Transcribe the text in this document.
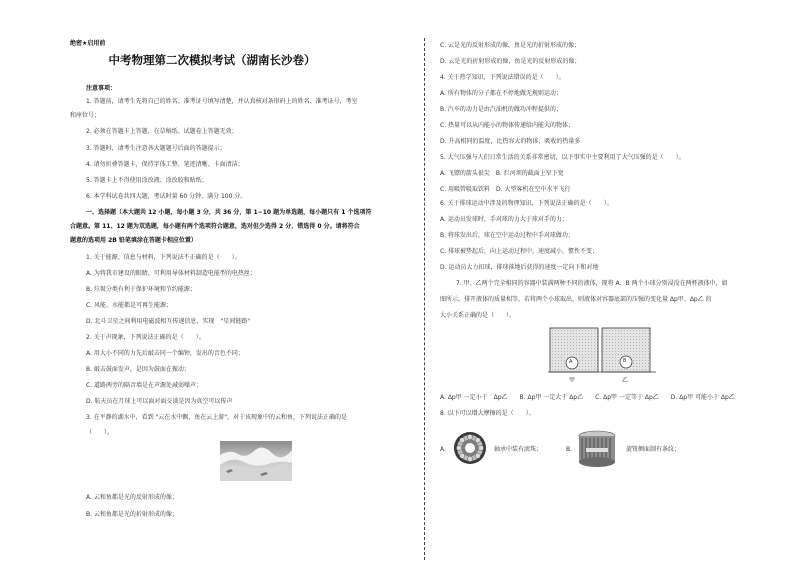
绝密★启用前
中考物理第二次模拟考试（湖南长沙卷）
注意事项：
1. 答题前，请考生先将自己的姓名、准考证号填写清楚，并认真核对条形码上的姓名、准考证号，考室
和座位号；
2. 必须在答题卡上答题，在草稿纸、试题卷上答题无效；
3. 答题时，请考生注意各大题题号后面的答题提示；
4. 请勿折叠答题卡，保持字体工整、笔迹清晰、卡面清洁；
5. 答题卡上不得使用涂改液、涂改胶和贴纸；
6. 本学科试卷共四大题，考试时量 60 分钟，满分 100 分。
一、选择题（本大题共 12 小题，每小题 3 分，共 36 分，第 1~10 题为单选题，每小题只有 1 个选项符
合题意。第 11、12 题为双选题，每小题有两个选项符合题意，选对但少选得 2 分，错选得 0 分。请将符合
题意的选项用 2B 铅笔填涂在答题卡相应位置）
1. 关于能源、信息与材料，下列说法不正确的是（　　）。
A. 为将我市建设的眼睛，可利用导体材料制造电能型的电热丝；
B. 垃圾分类有利于保护环境和节约能源；
C. 风能、水能都是可再生能源；
D. 北斗卫星之间利用电磁波相互传递信息，实现　"星间链路"
2. 关于声现象，下列说法正确的是（　　）。
A. 用大小不同的力先后敲击同一个编钟，发出的音色不同；
B. 敲击鼓面发声，是因为鼓面在振动；
C. 道路两旁的隔音墙是在声源处减弱噪声；
D. 航天员在月球上可以面对面交谈是因为真空可以传声
3. 在平静的湖水中，看到 "云在水中飘，鱼在云上游"，对于该现象中的云和鱼，下列说法正确的是
（　　）。
A. 云和鱼都是光的反射形成的像；
B. 云和鱼都是光的折射形成的像；
C. 云是光的反射形成的像，鱼是光的折射形成的像；
D. 云是光的折射形成的像，鱼是光的反射形成的像；
4. 关于热学知识，下列说法错误的是（　　）。
A. 所有物体的分子都在不停地做无规则运动；
B. 汽车的动力是由汽油机的做功冲程提供的；
C. 热量可以从内能小的物体传递给内能大的物体；
D. 升高相同的温度，比热容大的物体，吸收的热量多
5. 大气压强与人们日常生活的关系非常密切，以下事实中主要利用了大气压强的是（　　）。
A. 飞镖的箭头很尖　B. 拦河坝的截面上窄下宽
C. 用吸管吸取饮料　D. 大型客机在空中水平飞行
6. 关于排球运动中涉及的物理知识，下列说法正确的是（　　）。
A. 运动员发球时，手对球的力大于球对手的力；
B. 将球发出后，球在空中运动过程中手对球做功；
C. 排球被垫起后，向上运动过程中，速度减小，惯性不变；
D. 运动员大力扣球，排球落地后获得的速度一定向下和对地
7. 甲、乙两个完全相同的容器中装满两种不同的液体，现将 A、B 两个小球分别浸没在两杯液体中，如
图所示，排开液体的质量相等，若将两个小球取出，则液体对容器底部的压强的变化量 Δp甲、Δp乙 的
大小关系正确的是（　　）。
A	B
甲	乙
A. Δp甲 一定小于　Δp乙　　B. Δp甲 一定大于 Δp乙　　C. Δp甲 一定等于 Δp乙　　D. Δp甲 可能小于 Δp乙
8. 以下可以增大摩擦的是（　　）。
A.	轴承中装有滚珠；	B.	旋钮侧面制有条纹；
